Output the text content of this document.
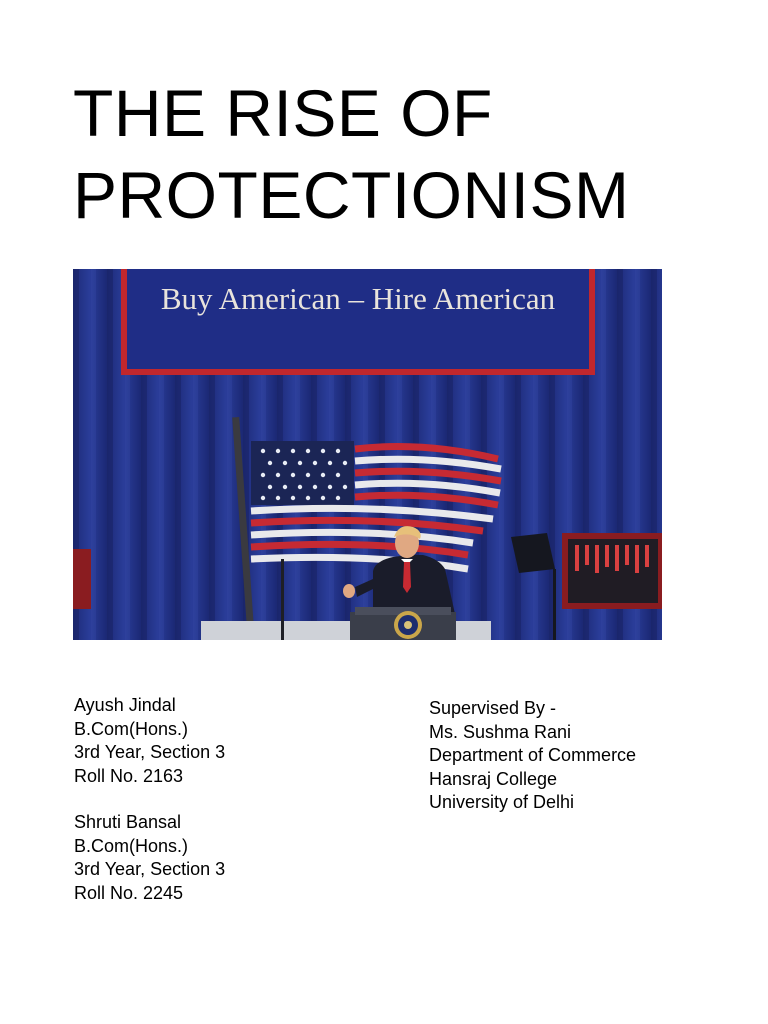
THE RISE OF
PROTECTIONISM
Buy American – Hire American
Ayush Jindal
B.Com(Hons.)
3rd Year, Section 3
Roll No. 2163
Shruti Bansal
B.Com(Hons.)
3rd Year, Section 3
Roll No. 2245
Supervised By -
Ms. Sushma Rani
Department of Commerce
Hansraj College
University of Delhi
